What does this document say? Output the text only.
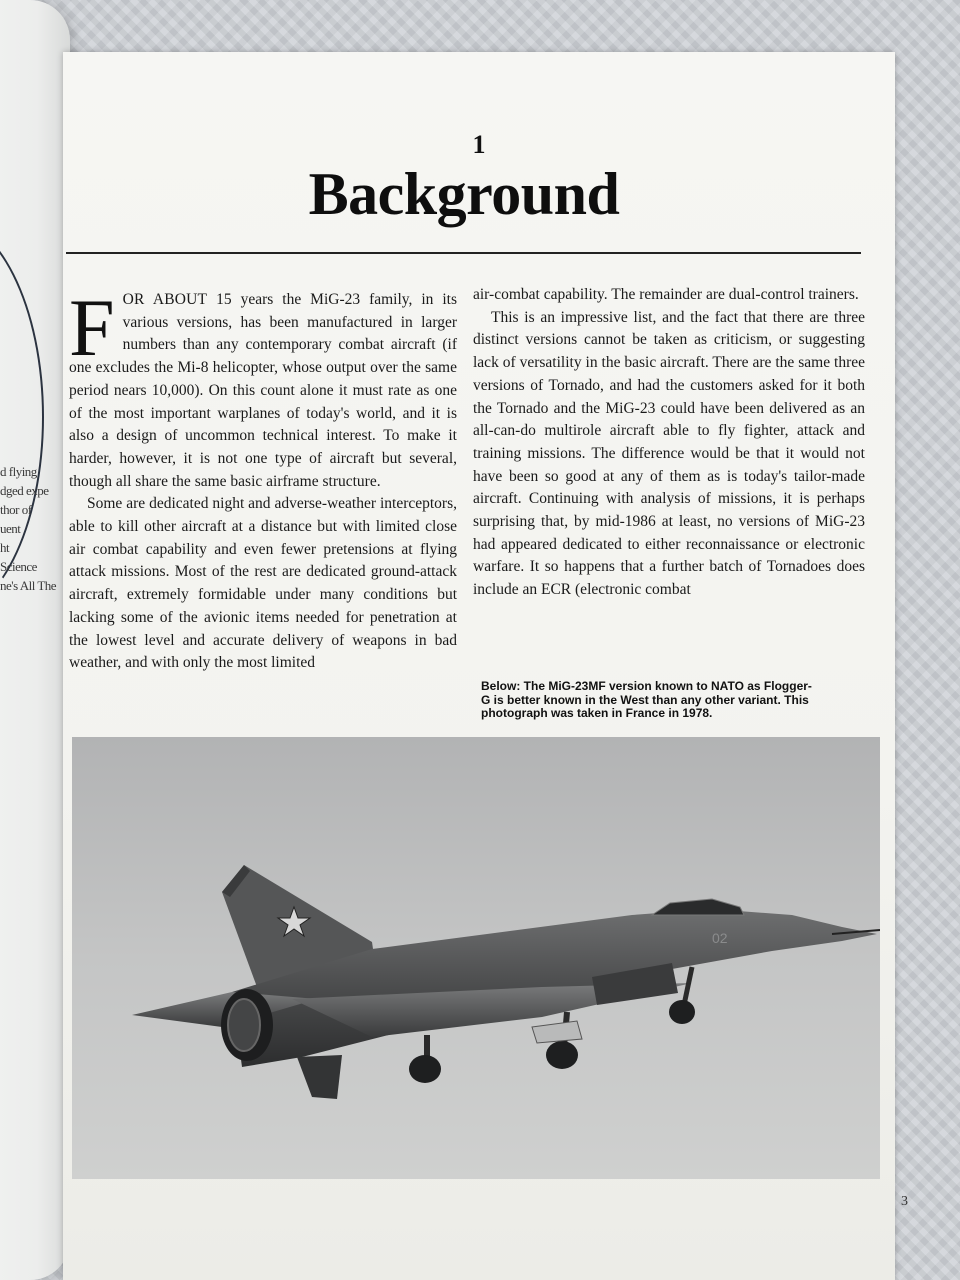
d flying
dged expe
thor of
uent
ht
Science
ne's All The
1
Background

FOR ABOUT 15 years the MiG-23 family, in its various versions, has been manufactured in larger numbers than any contemporary combat aircraft (if one excludes the Mi-8 helicopter, whose output over the same period nears 10,000). On this count alone it must rate as one of the most important warplanes of today's world, and it is also a design of uncommon technical interest. To make it harder, however, it is not one type of aircraft but several, though all share the same basic airframe structure.

Some are dedicated night and adverse-weather interceptors, able to kill other aircraft at a distance but with limited close air combat capability and even fewer pretensions at flying attack missions. Most of the rest are dedicated ground-attack aircraft, extremely formidable under many conditions but lacking some of the avionic items needed for penetration at the lowest level and accurate delivery of weapons in bad weather, and with only the most limited

air-combat capability. The remainder are dual-control trainers.

This is an impressive list, and the fact that there are three distinct versions cannot be taken as criticism, or suggesting lack of versatility in the basic aircraft. There are the same three versions of Tornado, and had the customers asked for it both the Tornado and the MiG-23 could have been delivered as an all-can-do multirole aircraft able to fly fighter, attack and training missions. The difference would be that it would not have been so good at any of them as is today's tailor-made aircraft. Continuing with analysis of missions, it is perhaps surprising that, by mid-1986 at least, no versions of MiG-23 had appeared dedicated to either reconnaissance or electronic warfare. It so happens that a further batch of Tornadoes does include an ECR (electronic combat

Below: The MiG-23MF version known to NATO as Flogger-G is better known in the West than any other variant. This photograph was taken in France in 1978.
02
3
